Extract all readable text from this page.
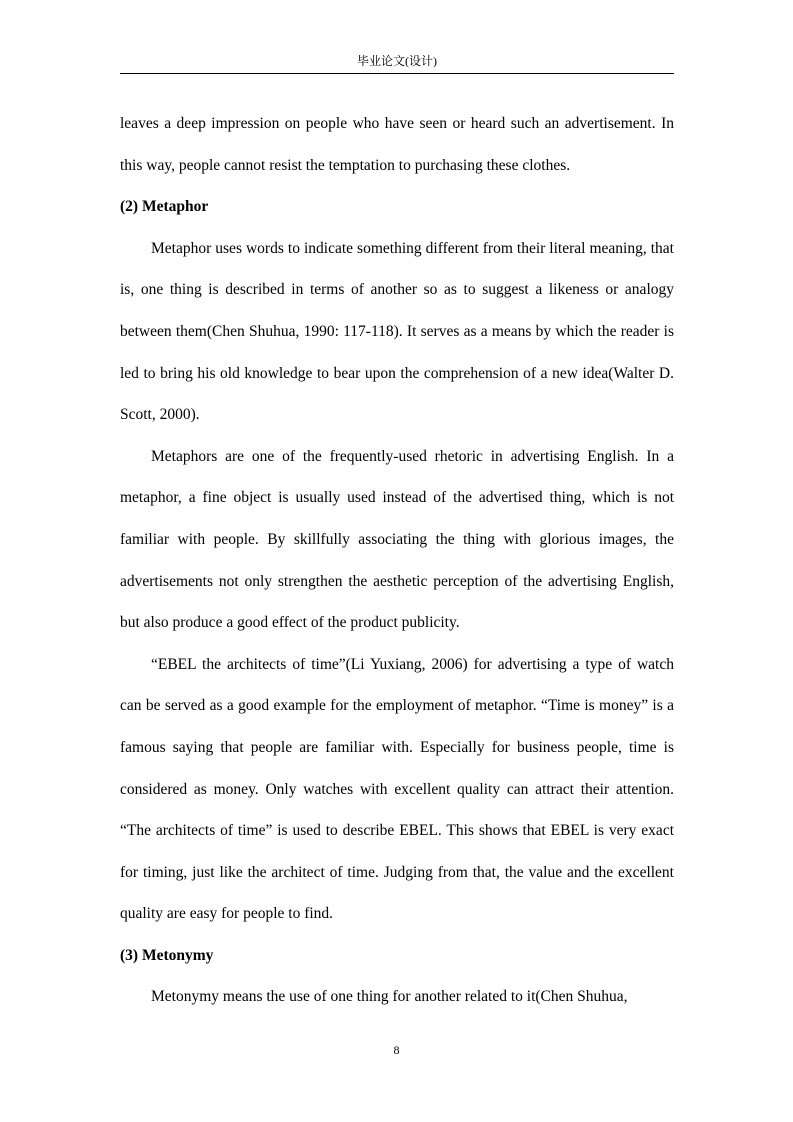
毕业论文(设计)

leaves a deep impression on people who have seen or heard such an advertisement. In this way, people cannot resist the temptation to purchasing these clothes.

(2) Metaphor

Metaphor uses words to indicate something different from their literal meaning, that is, one thing is described in terms of another so as to suggest a likeness or analogy between them(Chen Shuhua, 1990: 117-118). It serves as a means by which the reader is led to bring his old knowledge to bear upon the comprehension of a new idea(Walter D. Scott, 2000).

Metaphors are one of the frequently-used rhetoric in advertising English. In a metaphor, a fine object is usually used instead of the advertised thing, which is not familiar with people. By skillfully associating the thing with glorious images, the advertisements not only strengthen the aesthetic perception of the advertising English, but also produce a good effect of the product publicity.

“EBEL the architects of time”(Li Yuxiang, 2006) for advertising a type of watch can be served as a good example for the employment of metaphor. “Time is money” is a famous saying that people are familiar with. Especially for business people, time is considered as money. Only watches with excellent quality can attract their attention. “The architects of time” is used to describe EBEL. This shows that EBEL is very exact for timing, just like the architect of time. Judging from that, the value and the excellent quality are easy for people to find.

(3) Metonymy

Metonymy means the use of one thing for another related to it(Chen Shuhua,

8
